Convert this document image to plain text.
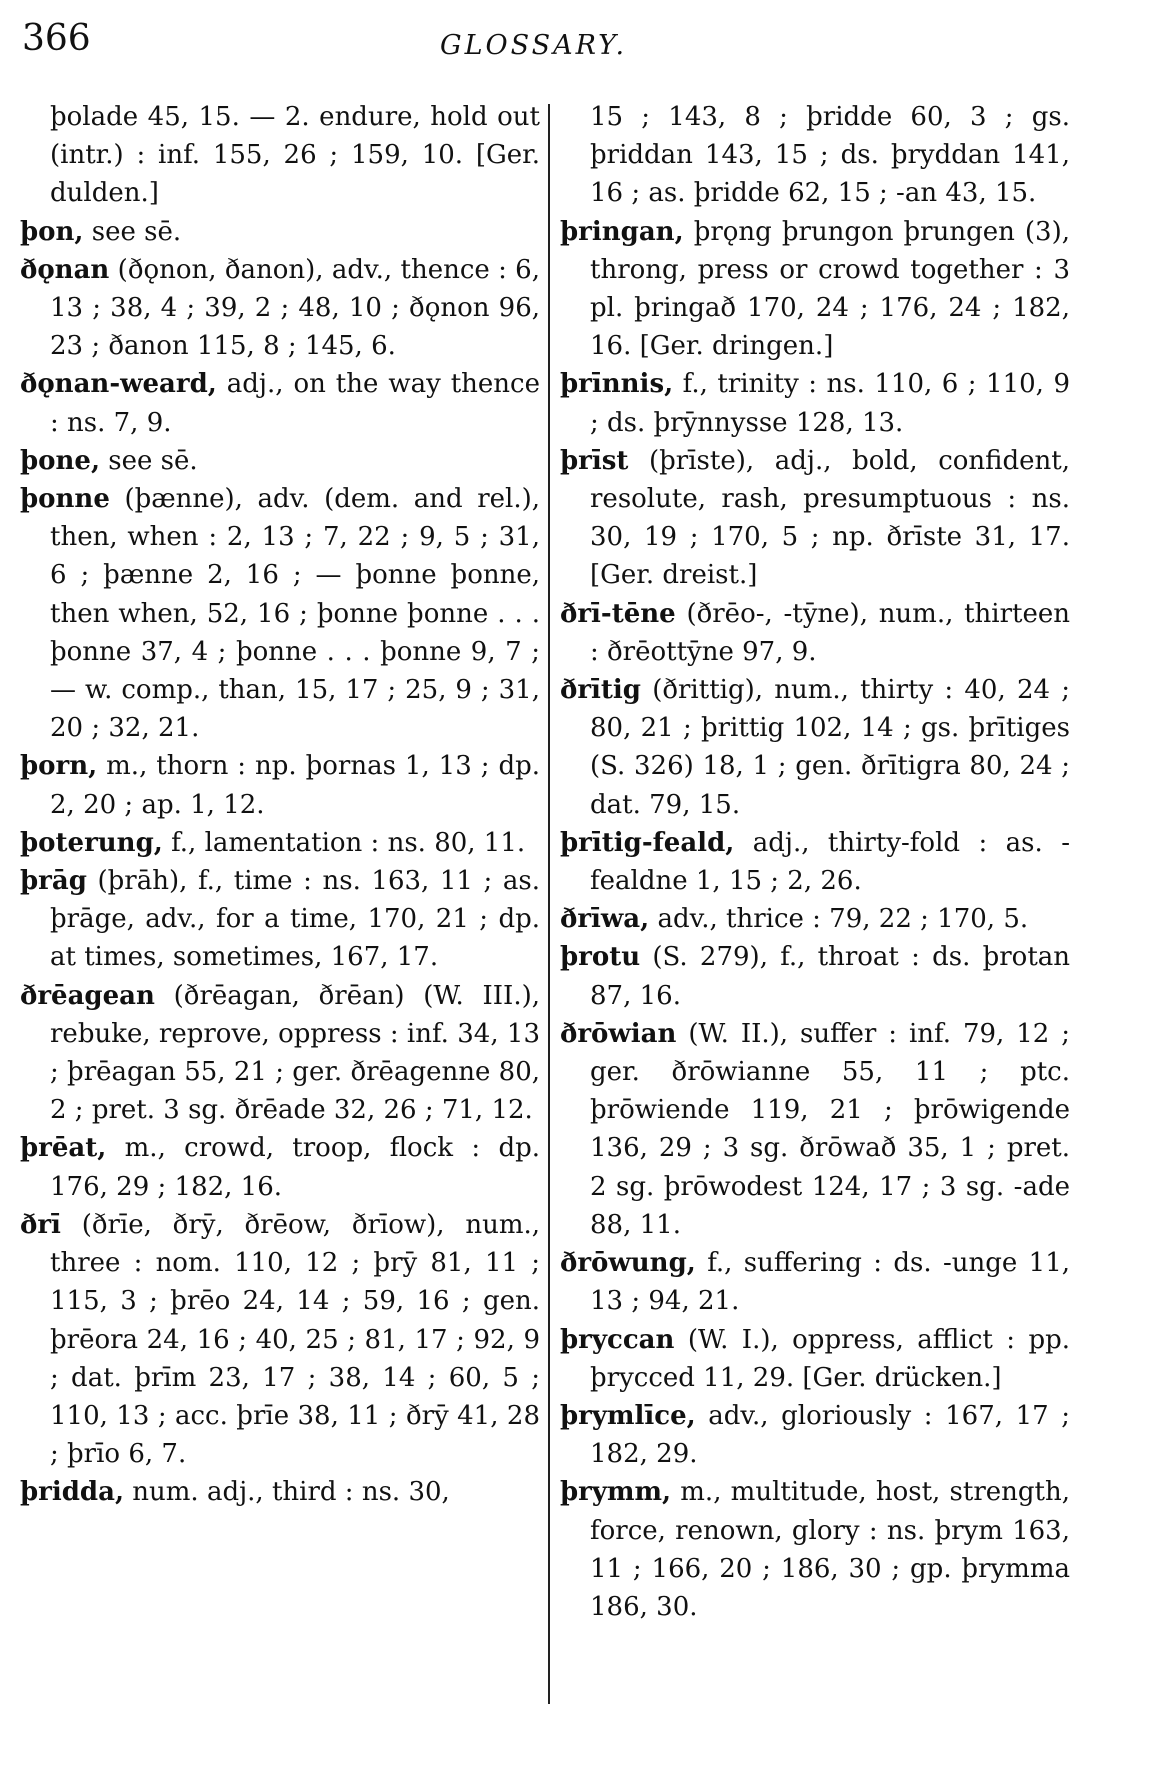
366	GLOSSARY.

þolade 45, 15. — 2. endure, hold out (intr.) : inf. 155, 26 ; 159, 10. [Ger. dulden.]

þon, see sē.

ðǫnan (ðǫnon, ðanon), adv., thence : 6, 13 ; 38, 4 ; 39, 2 ; 48, 10 ; ðǫnon 96, 23 ; ðanon 115, 8 ; 145, 6.

ðǫnan-weard, adj., on the way thence : ns. 7, 9.

þone, see sē.

þonne (þænne), adv. (dem. and rel.), then, when : 2, 13 ; 7, 22 ; 9, 5 ; 31, 6 ; þænne 2, 16 ; — þonne þonne, then when, 52, 16 ; þonne þonne . . . þonne 37, 4 ; þonne . . . þonne 9, 7 ; — w. comp., than, 15, 17 ; 25, 9 ; 31, 20 ; 32, 21.

þorn, m., thorn : np. þornas 1, 13 ; dp. 2, 20 ; ap. 1, 12.

þoterung, f., lamentation : ns. 80, 11.

þrāg (þrāh), f., time : ns. 163, 11 ; as. þrāge, adv., for a time, 170, 21 ; dp. at times, sometimes, 167, 17.

ðrēagean (ðrēagan, ðrēan) (W. III.), rebuke, reprove, oppress : inf. 34, 13 ; þrēagan 55, 21 ; ger. ðrēagenne 80, 2 ; pret. 3 sg. ðrēade 32, 26 ; 71, 12.

þrēat, m., crowd, troop, flock : dp. 176, 29 ; 182, 16.

ðrī (ðrīe, ðrȳ, ðrēow, ðrīow), num., three : nom. 110, 12 ; þrȳ 81, 11 ; 115, 3 ; þrēo 24, 14 ; 59, 16 ; gen. þrēora 24, 16 ; 40, 25 ; 81, 17 ; 92, 9 ; dat. þrīm 23, 17 ; 38, 14 ; 60, 5 ; 110, 13 ; acc. þrīe 38, 11 ; ðrȳ 41, 28 ; þrīo 6, 7.

þridda, num. adj., third : ns. 30,

15 ; 143, 8 ; þridde 60, 3 ; gs. þriddan 143, 15 ; ds. þryddan 141, 16 ; as. þridde 62, 15 ; -an 43, 15.

þringan, þrǫng þrungon þrungen (3), throng, press or crowd together : 3 pl. þringað 170, 24 ; 176, 24 ; 182, 16. [Ger. dringen.]

þrīnnis, f., trinity : ns. 110, 6 ; 110, 9 ; ds. þrȳnnysse 128, 13.

þrīst (þrīste), adj., bold, confident, resolute, rash, presumptuous : ns. 30, 19 ; 170, 5 ; np. ðrīste 31, 17. [Ger. dreist.]

ðrī-tēne (ðrēo-, -tȳne), num., thirteen : ðrēottȳne 97, 9.

ðrītig (ðrittig), num., thirty : 40, 24 ; 80, 21 ; þrittig 102, 14 ; gs. þrītiges (S. 326) 18, 1 ; gen. ðrītigra 80, 24 ; dat. 79, 15.

þrītig-feald, adj., thirty-fold : as. -fealdne 1, 15 ; 2, 26.

ðrīwa, adv., thrice : 79, 22 ; 170, 5.

þrotu (S. 279), f., throat : ds. þrotan 87, 16.

ðrōwian (W. II.), suffer : inf. 79, 12 ; ger. ðrōwianne 55, 11 ; ptc. þrōwiende 119, 21 ; þrōwigende 136, 29 ; 3 sg. ðrōwað 35, 1 ; pret. 2 sg. þrōwodest 124, 17 ; 3 sg. -ade 88, 11.

ðrōwung, f., suffering : ds. -unge 11, 13 ; 94, 21.

þryccan (W. I.), oppress, afflict : pp. þrycced 11, 29. [Ger. drücken.]

þrymlīce, adv., gloriously : 167, 17 ; 182, 29.

þrymm, m., multitude, host, strength, force, renown, glory : ns. þrym 163, 11 ; 166, 20 ; 186, 30 ; gp. þrymma 186, 30.
